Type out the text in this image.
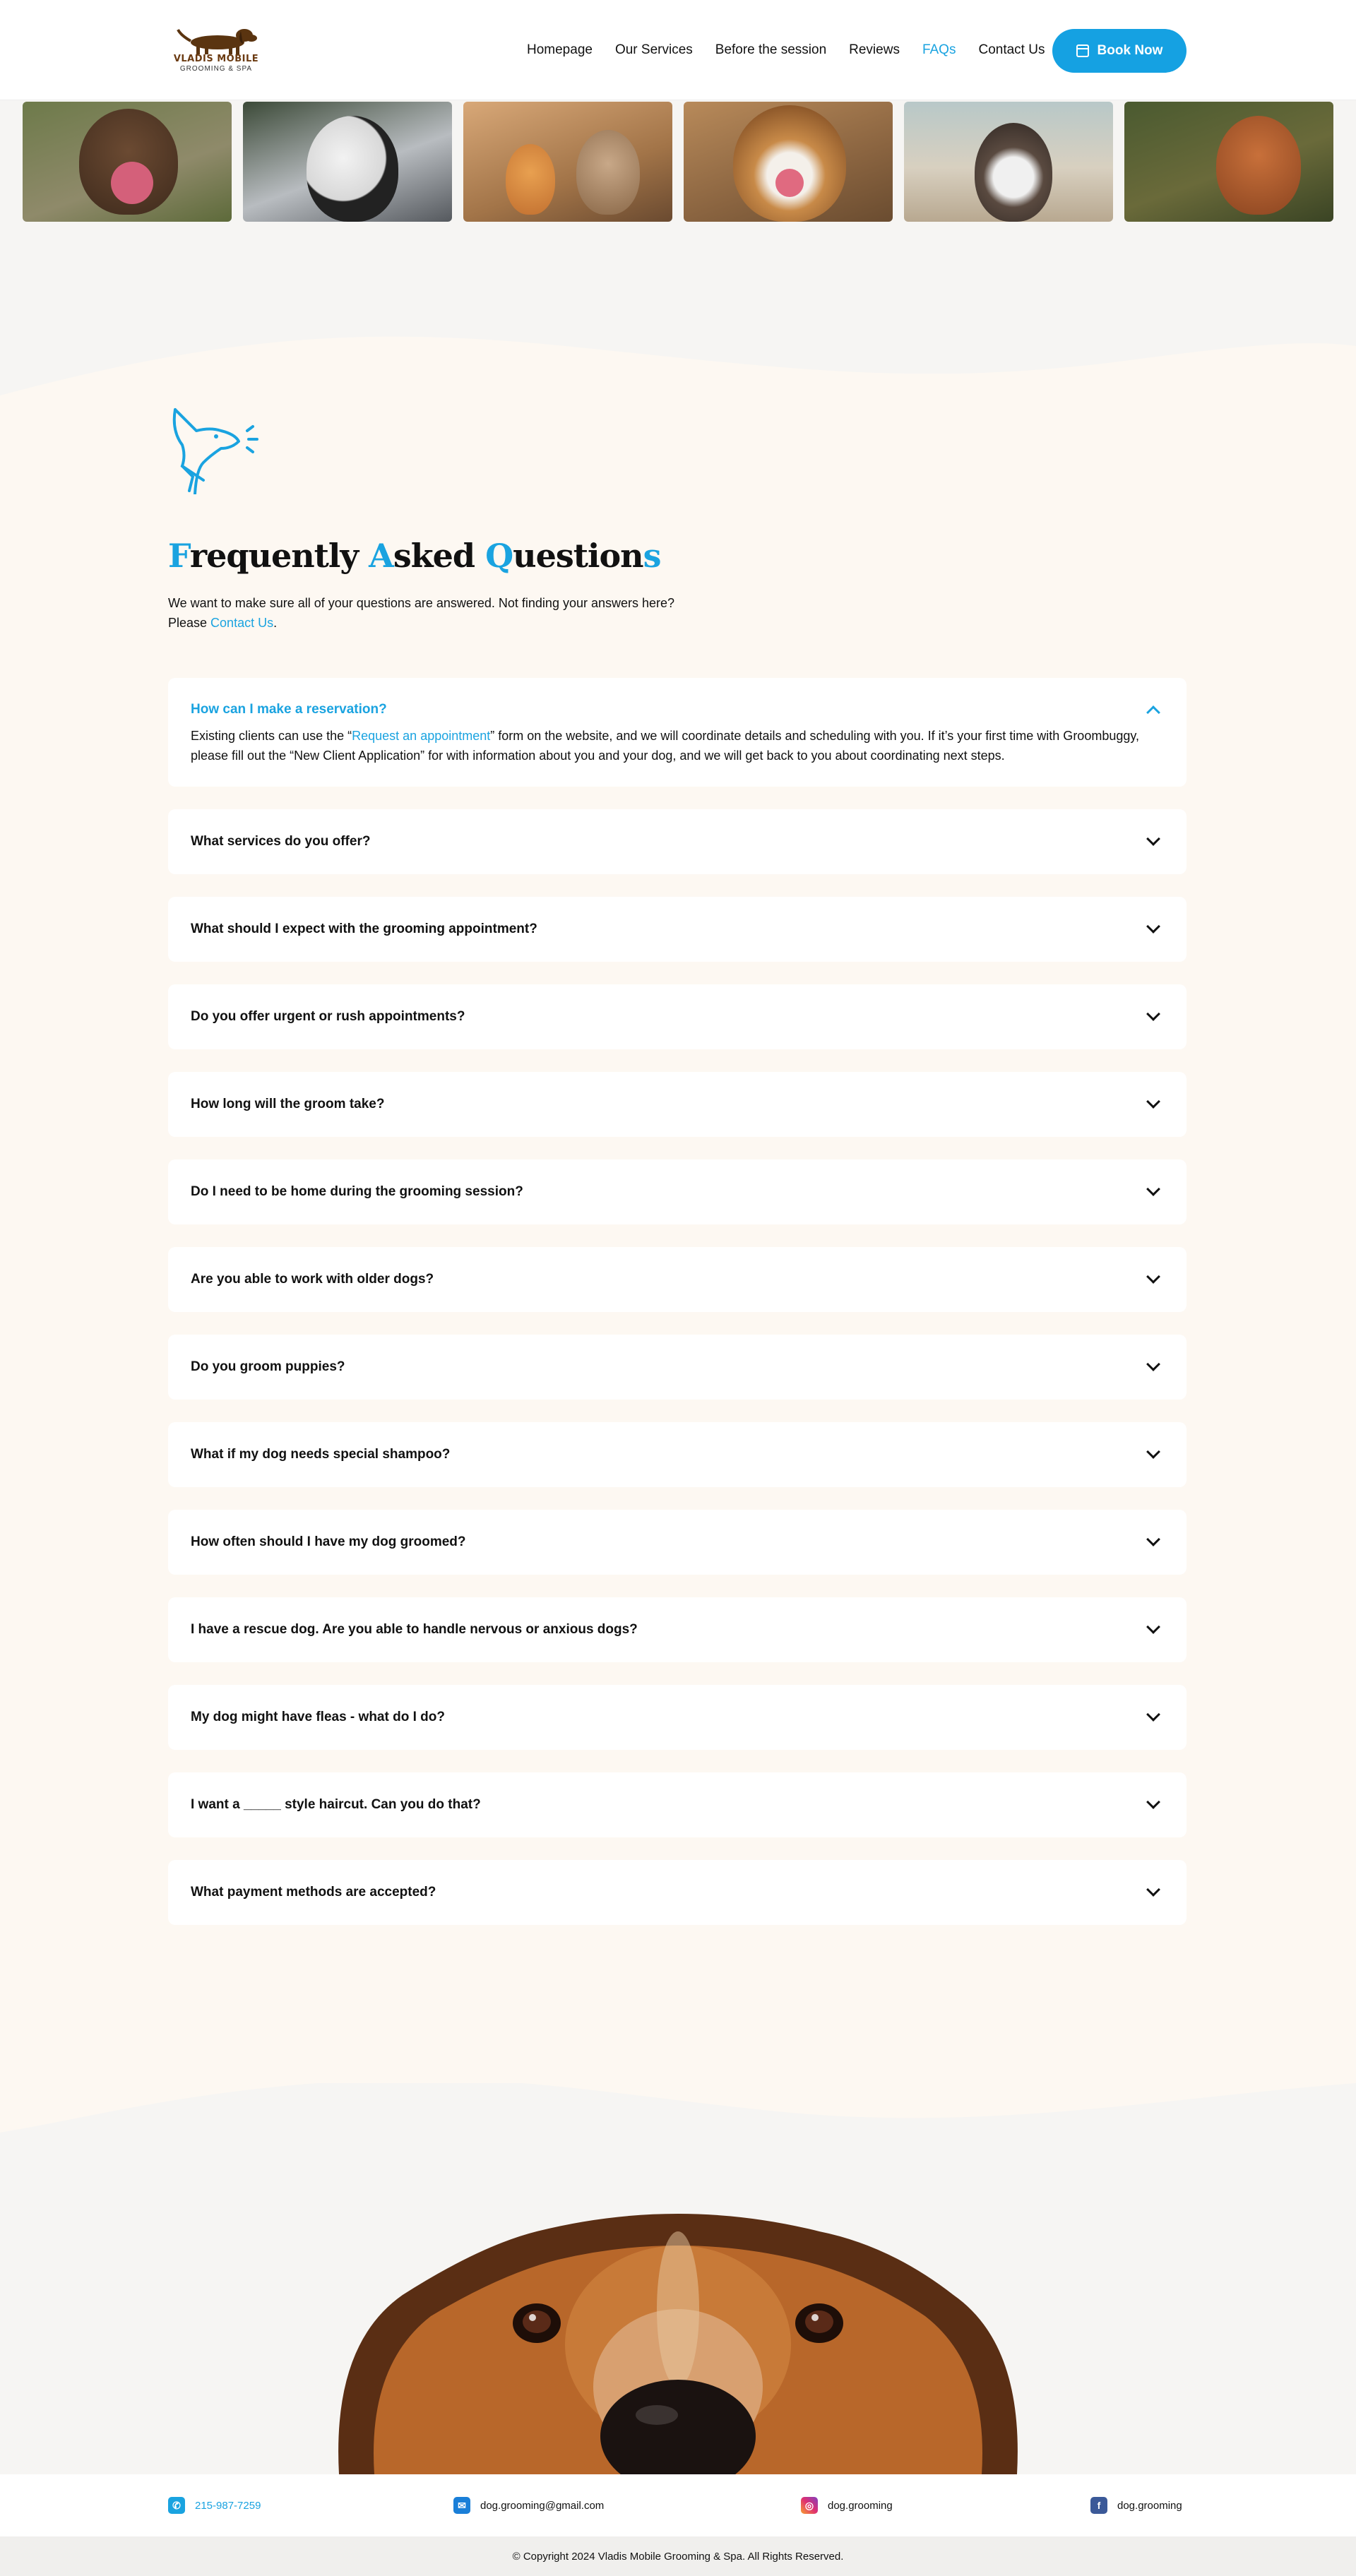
VLADIS MOBILE
GROOMING & SPA
Homepage Our Services Before the session Reviews FAQs Contact Us	Book Now
Frequently Asked Questions
We want to make sure all of your questions are answered. Not finding your answers here?
Please Contact Us.
How can I make a reservation?
Existing clients can use the “Request an appointment” form on the website, and we will coordinate details and scheduling with you. If it’s your first time with Groombuggy, please fill out the “New Client Application” for with information about you and your dog, and we will get back to you about coordinating next steps.
What services do you offer?
What should I expect with the grooming appointment?
Do you offer urgent or rush appointments?
How long will the groom take?
Do I need to be home during the grooming session?
Are you able to work with older dogs?
Do you groom puppies?
What if my dog needs special shampoo?
How often should I have my dog groomed?
I have a rescue dog. Are you able to handle nervous or anxious dogs?
My dog might have fleas - what do I do?
I want a _____ style haircut. Can you do that?
What payment methods are accepted?
✆	215-987-7259	✉	dog.grooming@gmail.com	◎	dog.grooming	f	dog.grooming
© Copyright 2024 Vladis Mobile Grooming & Spa. All Rights Reserved.
